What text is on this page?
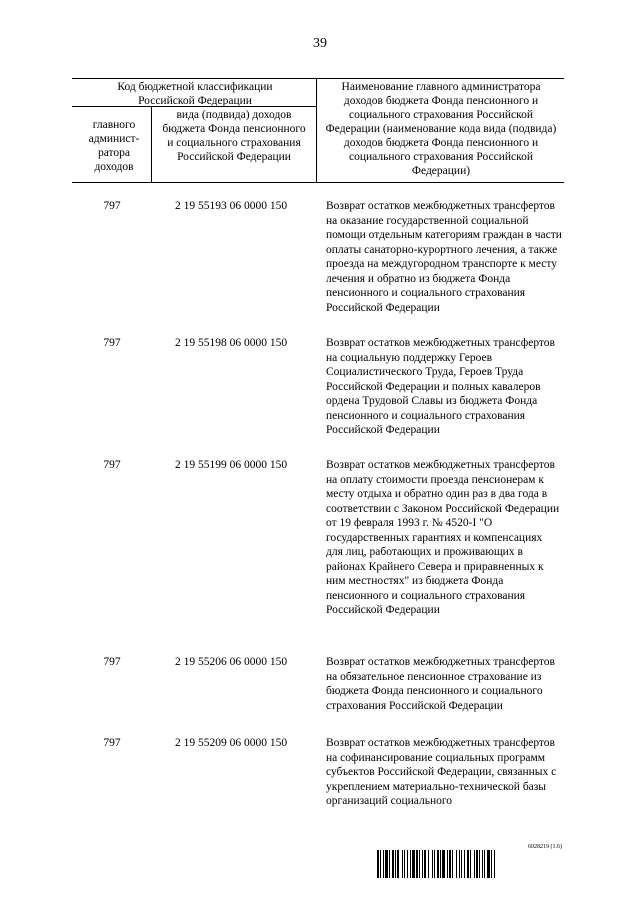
39
Код бюджетной классификации Российской Федерации
главного админист-ратора доходов
вида (подвида) доходов бюджета Фонда пенсионного и социального страхования Российской Федерации
Наименование главного администратора доходов бюджета Фонда пенсионного и социального страхования Российской Федерации (наименование кода вида (подвида) доходов бюджета Фонда пенсионного и социального страхования Российской Федерации)
797	2 19 55193 06 0000 150	Возврат остатков межбюджетных трансфертов на оказание государственной социальной помощи отдельным категориям граждан в части оплаты санаторно-курортного лечения, а также проезда на междугородном транспорте к месту лечения и обратно из бюджета Фонда пенсионного и социального страхования Российской Федерации
797	2 19 55198 06 0000 150	Возврат остатков межбюджетных трансфертов на социальную поддержку Героев Социалистического Труда, Героев Труда Российской Федерации и полных кавалеров ордена Трудовой Славы из бюджета Фонда пенсионного и социального страхования Российской Федерации
797	2 19 55199 06 0000 150	Возврат остатков межбюджетных трансфертов на оплату стоимости проезда пенсионерам к месту отдыха и обратно один раз в два года в соответствии с Законом Российской Федерации от 19 февраля 1993 г. № 4520-I "О государственных гарантиях и компенсациях для лиц, работающих и проживающих в районах Крайнего Севера и приравненных к ним местностях" из бюджета Фонда пенсионного и социального страхования Российской Федерации
797	2 19 55206 06 0000 150	Возврат остатков межбюджетных трансфертов на обязательное пенсионное страхование из бюджета Фонда пенсионного и социального страхования Российской Федерации
797	2 19 55209 06 0000 150	Возврат остатков межбюджетных трансфертов на софинансирование социальных программ субъектов Российской Федерации, связанных с укреплением материально-технической базы организаций социального
6028219 (1.6)
